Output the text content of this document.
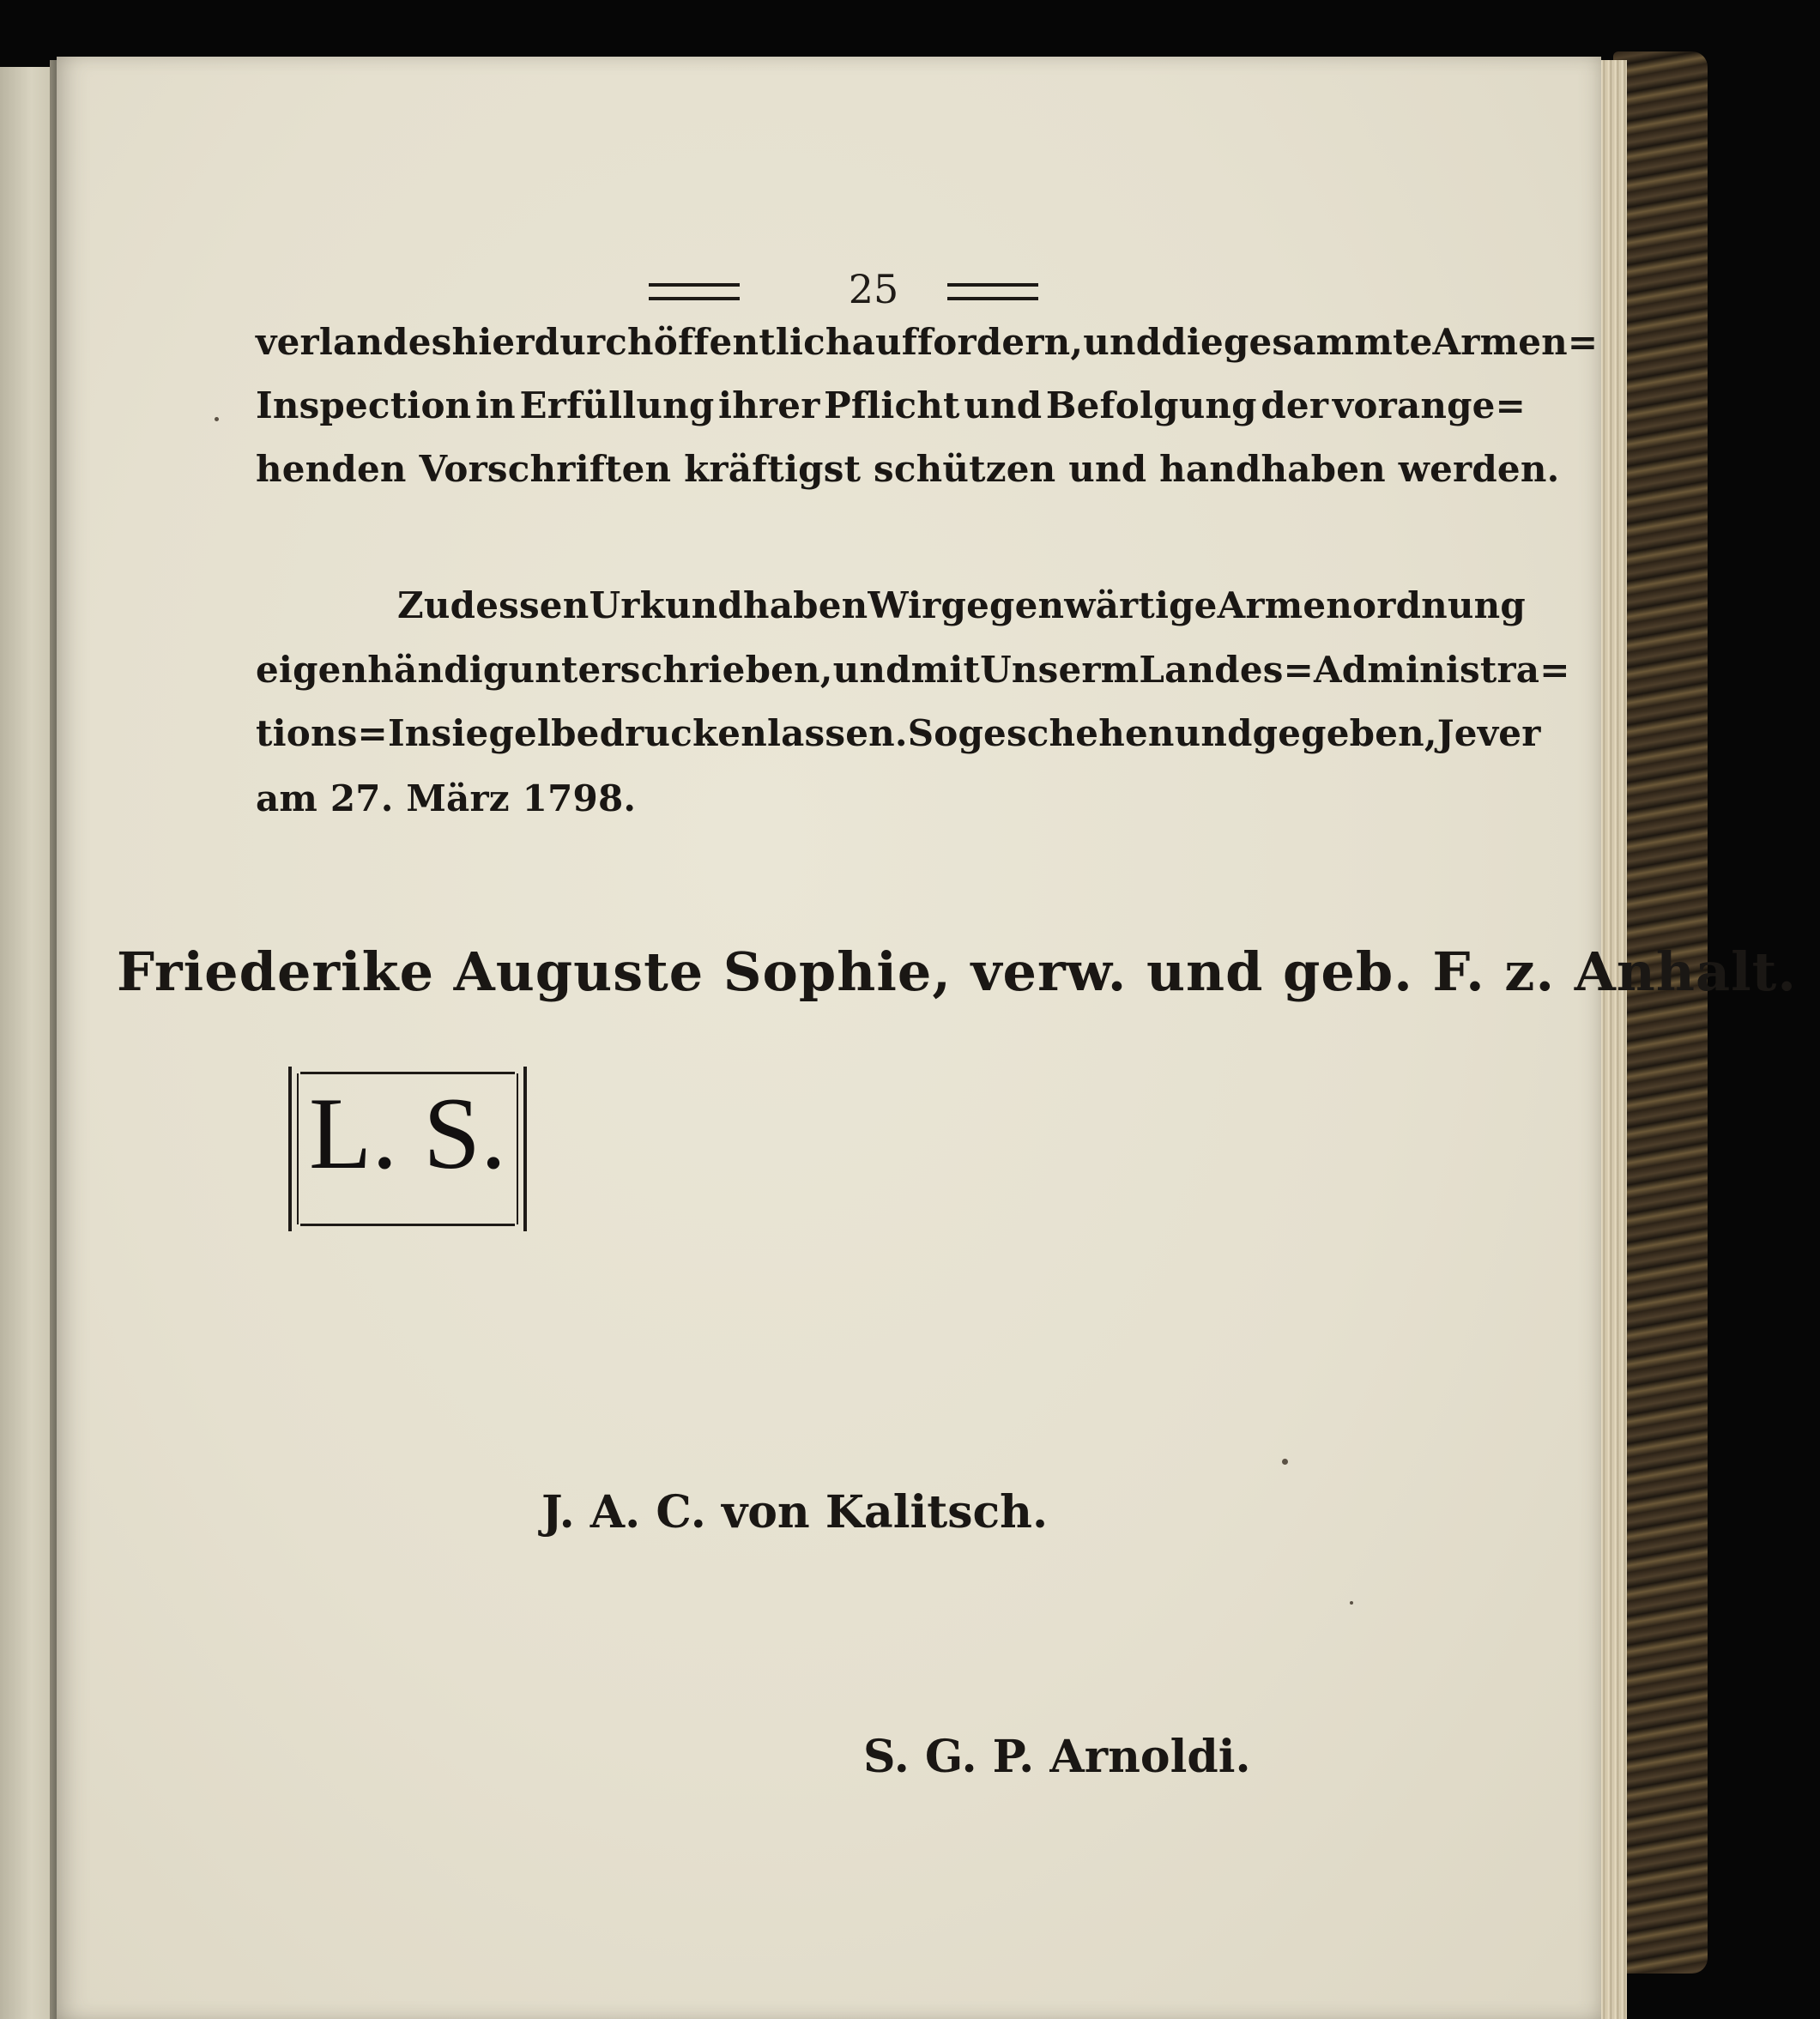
25
verlandes hierdurch öffentlich auffordern, und die gesammte Armen=
Inspection in Erfüllung ihrer Pflicht und Befolgung der vorange=
henden Vorschriften kräftigst schützen und handhaben werden.
Zu dessen Urkund haben Wir gegenwärtige Armenordnung
eigenhändig unterschrieben, und mit Unserm Landes=Administra=
tions=Insiegel bedrucken lassen. So geschehen und gegeben, Jever
am 27. März 1798.
Friederike Auguste Sophie, verw. und geb. F. z. Anhalt.
L. S.
J. A. C. von Kalitsch.
S. G. P. Arnoldi.
